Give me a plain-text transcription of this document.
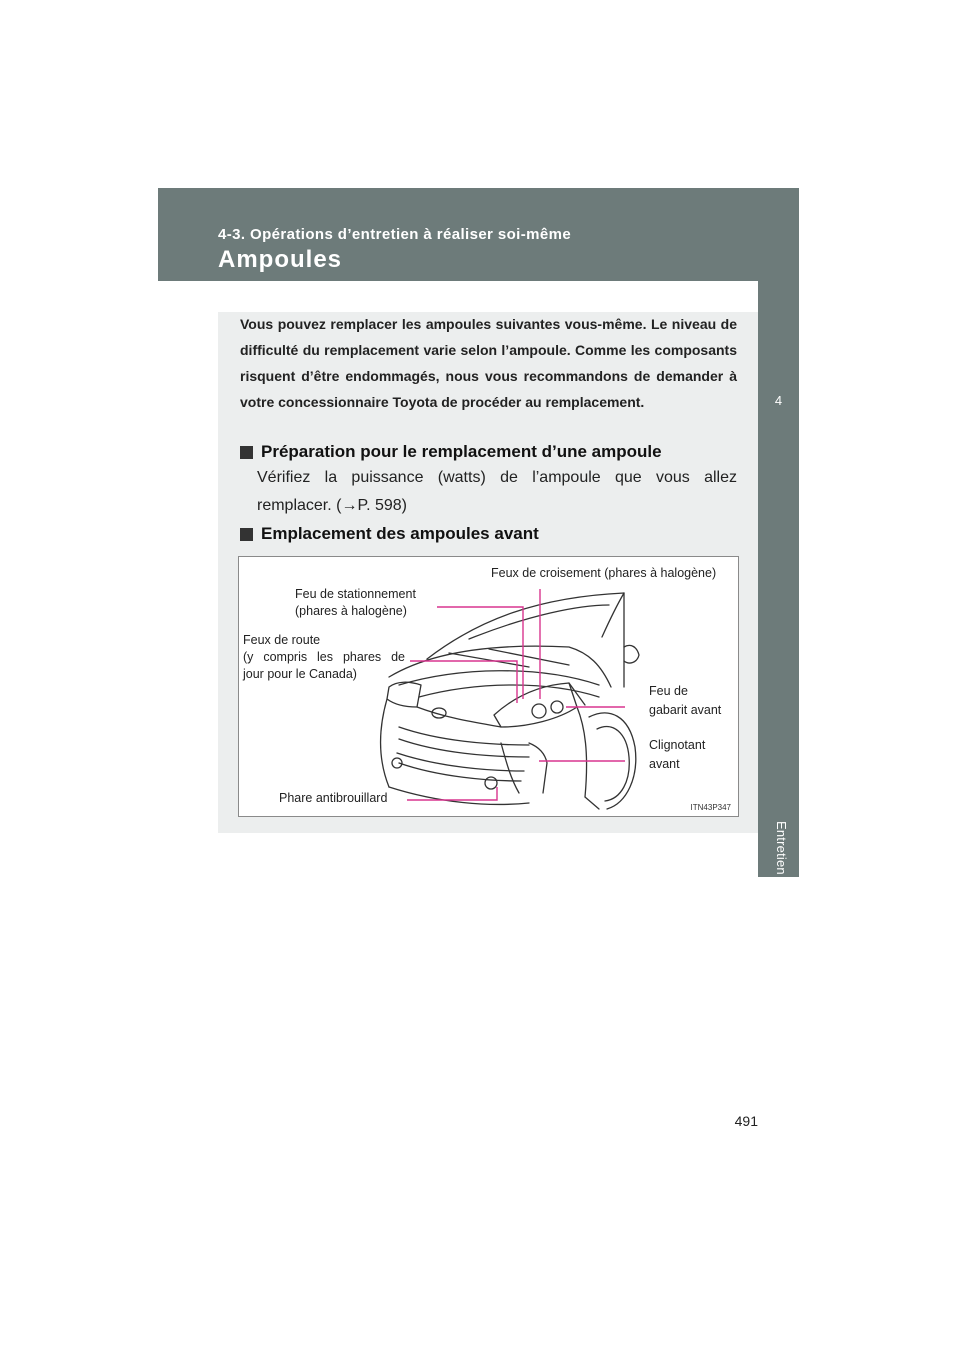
4-3. Opérations d’entretien à réaliser soi-même
Ampoules
4
Entretien et nettoyage
Vous pouvez remplacer les ampoules suivantes vous-même. Le niveau de difficulté du remplacement varie selon l’ampoule. Comme les composants risquent d’être endommagés, nous vous recommandons de demander à votre concessionnaire Toyota de procéder au remplacement.
Préparation pour le remplacement d’une ampoule
Vérifiez la puissance (watts) de l’ampoule que vous allez remplacer. (→P. 598)
Emplacement des ampoules avant
Feux de croisement (phares à halogène)
Feu de stationnement
(phares à halogène)
Feux de route
(y compris les phares de
jour pour le Canada)
Feu de
gabarit avant
Clignotant
avant
Phare antibrouillard
ITN43P347
491
